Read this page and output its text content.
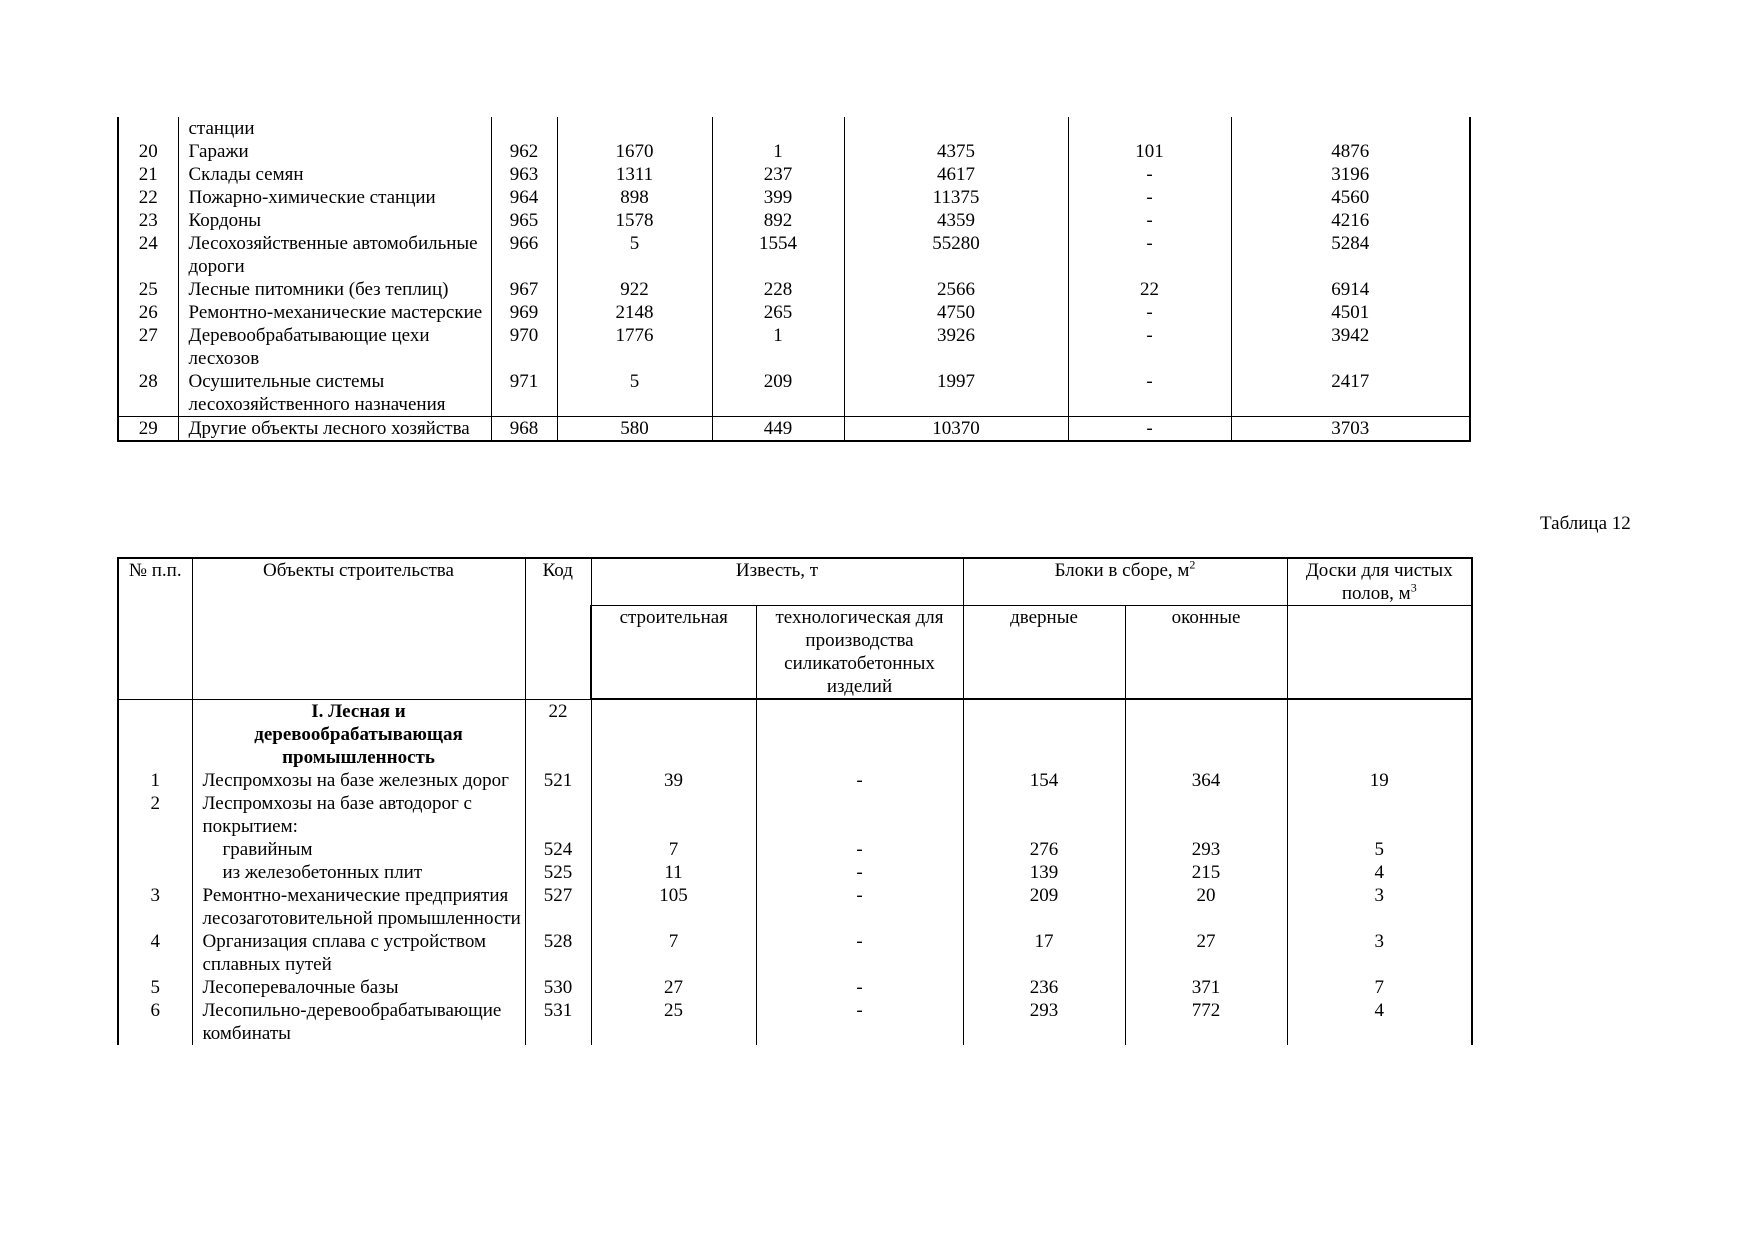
	станции						
20	Гаражи	962	1670	1	4375	101	4876
21	Склады семян	963	1311	237	4617	-	3196
22	Пожарно-химические станции	964	898	399	11375	-	4560
23	Кордоны	965	1578	892	4359	-	4216
24	Лесохозяйственные автомобильные дороги	966	5	1554	55280	-	5284
25	Лесные питомники (без теплиц)	967	922	228	2566	22	6914
26	Ремонтно-механические мастерские	969	2148	265	4750	-	4501
27	Деревообрабатывающие цехи лесхозов	970	1776	1	3926	-	3942
28	Осушительные системы лесохозяйственного назначения	971	5	209	1997	-	2417
29	Другие объекты лесного хозяйства	968	580	449	10370	-	3703
Таблица 12
№ п.п.	Объекты строительства	Код	Известь, т		Блоки в сборе, $м^2$		Доски для чистых полов, $м^3$
			строительная	технологическая для производства силикатобетонных изделий	дверные	оконные	
	I. Лесная и деревообрабатывающая промышленность	22					
1	Леспромхозы на базе железных дорог	521	39	-	154	364	19
2	Леспромхозы на базе автодорог с покрытием:						
	гравийным	524	7	-	276	293	5
	из железобетонных плит	525	11	-	139	215	4
3	Ремонтно-механические предприятия лесозаготовительной промышленности	527	105	-	209	20	3
4	Организация сплава с устройством сплавных путей	528	7	-	17	27	3
5	Лесоперевалочные базы	530	27	-	236	371	7
6	Лесопильно-деревообрабатывающие комбинаты	531	25	-	293	772	4
